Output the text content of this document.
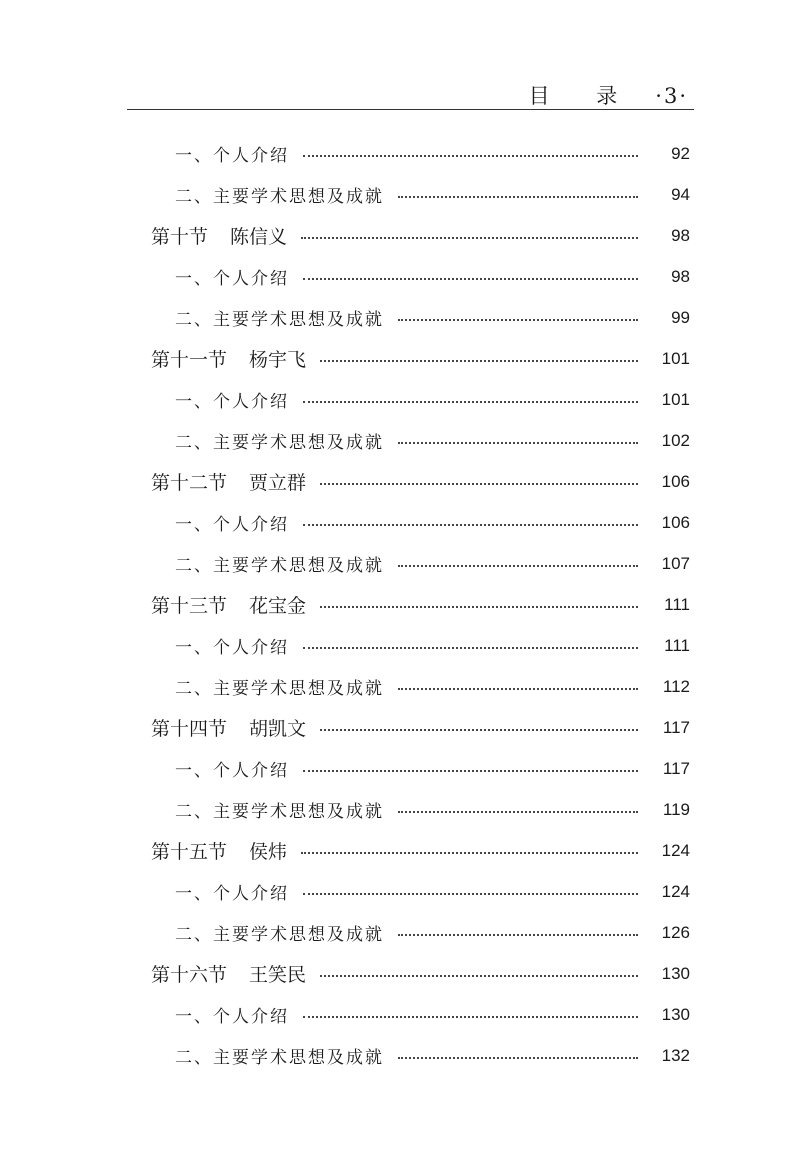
目 录 ·3·
一、个人介绍	92
二、主要学术思想及成就	94
第十节 陈信义	98
一、个人介绍	98
二、主要学术思想及成就	99
第十一节 杨宇飞	101
一、个人介绍	101
二、主要学术思想及成就	102
第十二节 贾立群	106
一、个人介绍	106
二、主要学术思想及成就	107
第十三节 花宝金	111
一、个人介绍	111
二、主要学术思想及成就	112
第十四节 胡凯文	117
一、个人介绍	117
二、主要学术思想及成就	119
第十五节 侯炜	124
一、个人介绍	124
二、主要学术思想及成就	126
第十六节 王笑民	130
一、个人介绍	130
二、主要学术思想及成就	132
